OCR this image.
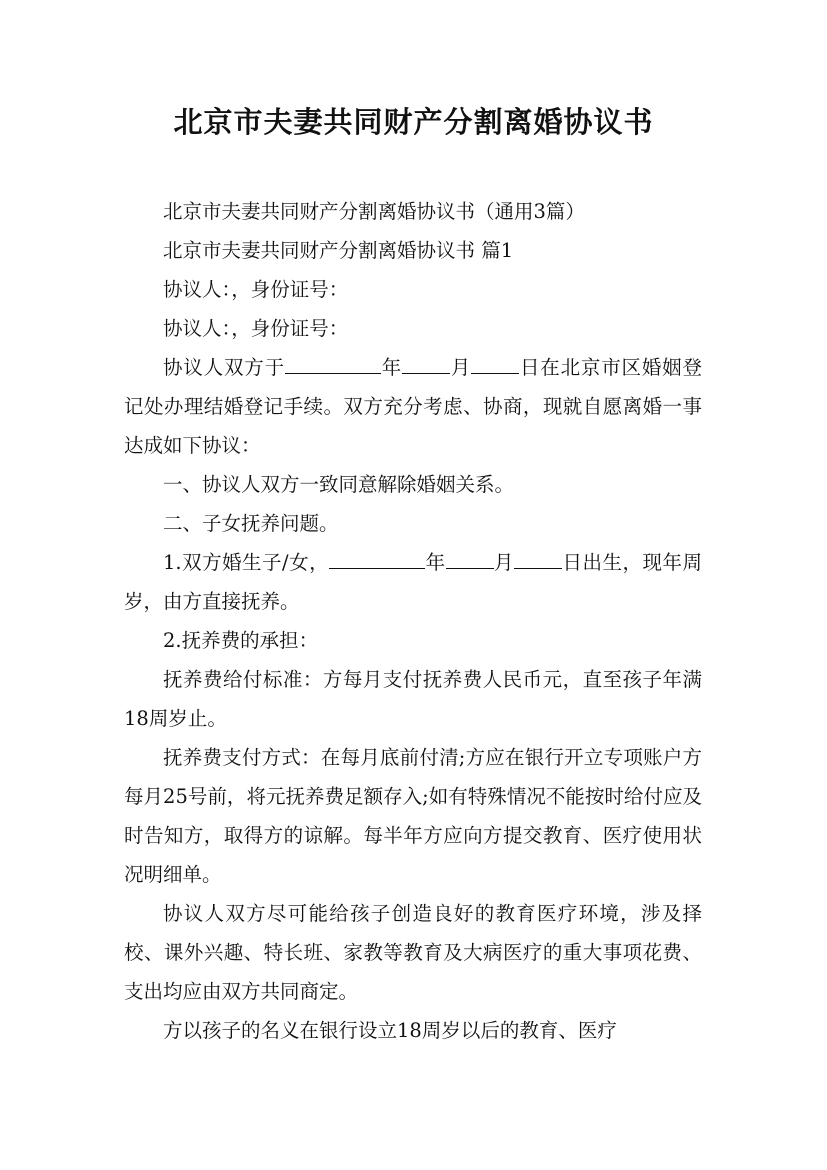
北京市夫妻共同财产分割离婚协议书

北京市夫妻共同财产分割离婚协议书（通用3篇）

北京市夫妻共同财产分割离婚协议书 篇1

协议人：，身份证号：

协议人：，身份证号：

协议人双方于	年 月 日在北京市区婚姻登记处办理结婚登记手续。双方充分考虑、协商，现就自愿离婚一事达成如下协议：

一、协议人双方一致同意解除婚姻关系。

二、子女抚养问题。

1.双方婚生子/女，	年 月 日出生，现年周岁，由方直接抚养。

2.抚养费的承担：

抚养费给付标准：方每月支付抚养费人民币元，直至孩子年满18周岁止。

抚养费支付方式：在每月底前付清;方应在银行开立专项账户方每月25号前，将元抚养费足额存入;如有特殊情况不能按时给付应及时告知方，取得方的谅解。每半年方应向方提交教育、医疗使用状况明细单。

协议人双方尽可能给孩子创造良好的教育医疗环境，涉及择校、课外兴趣、特长班、家教等教育及大病医疗的重大事项花费、支出均应由双方共同商定。

方以孩子的名义在银行设立18周岁以后的教育、医疗
